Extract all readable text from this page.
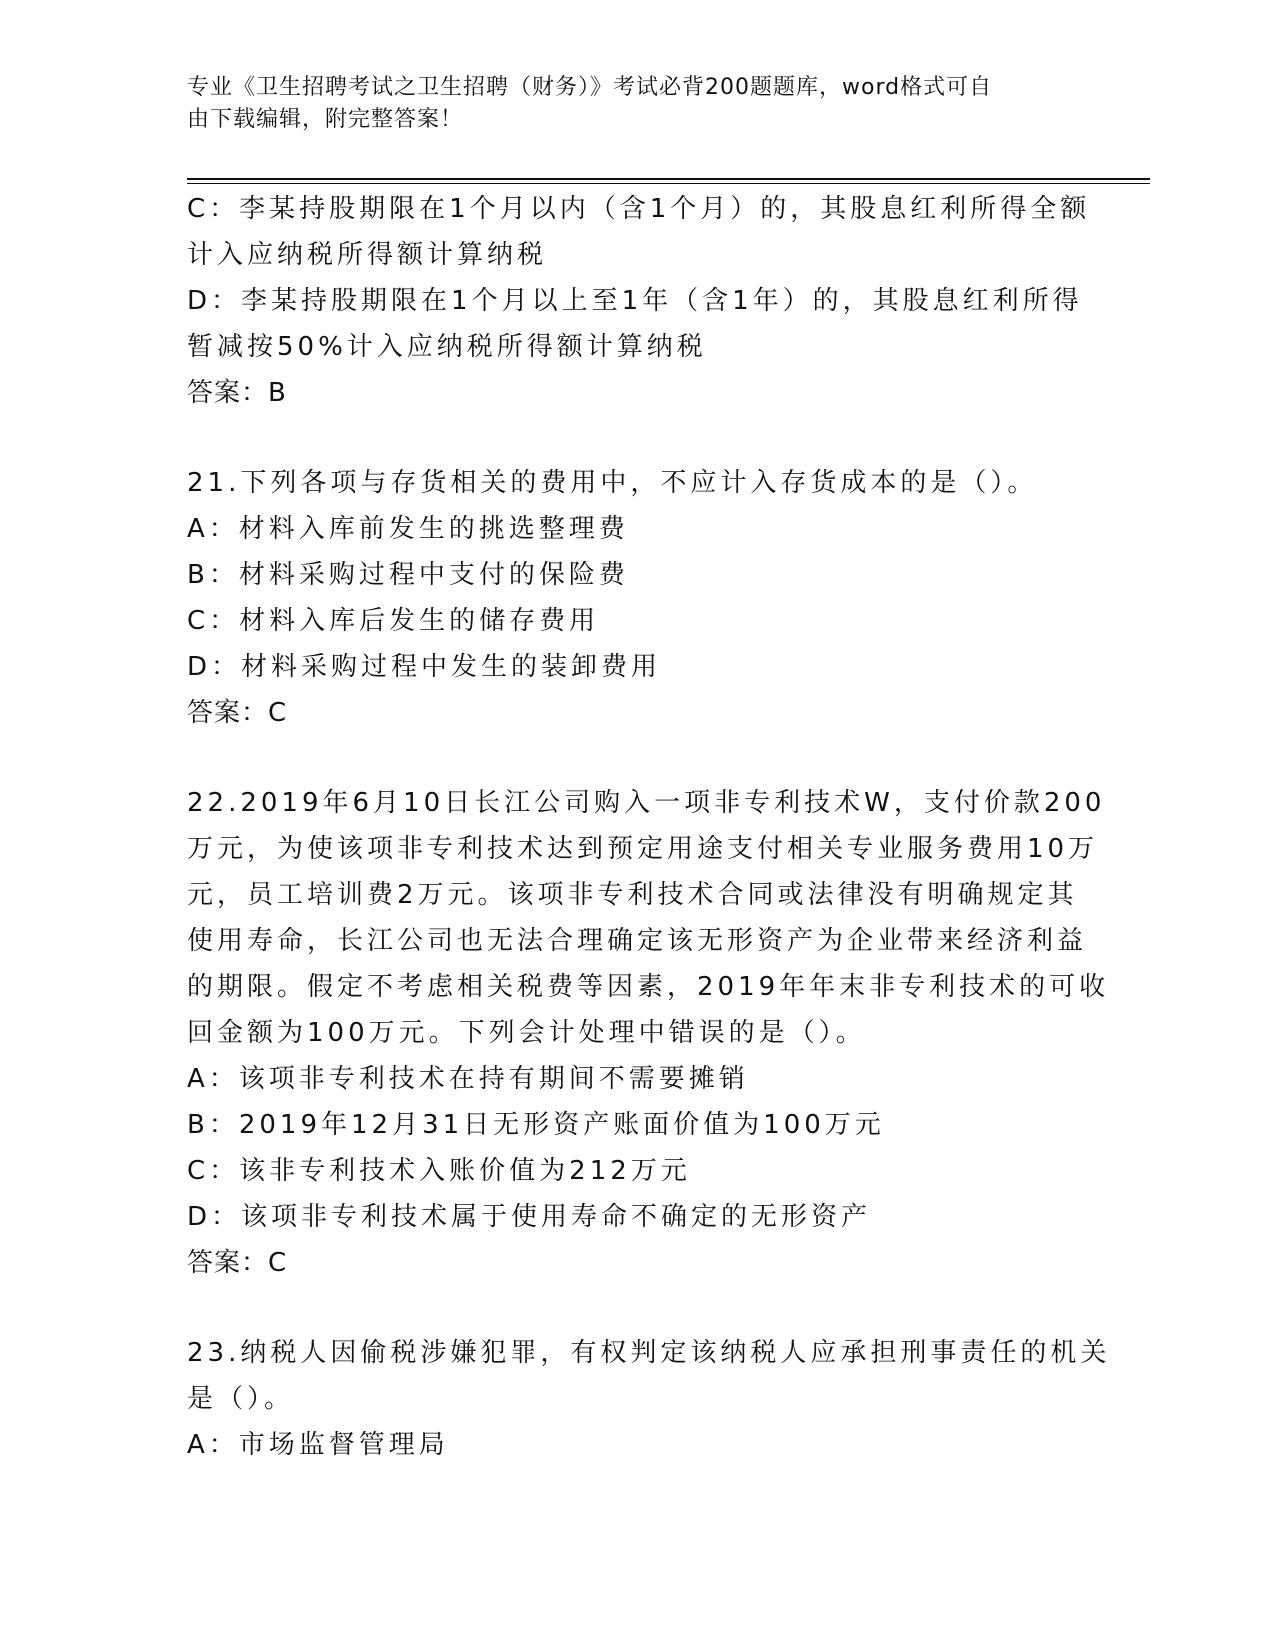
专业《卫生招聘考试之卫生招聘（财务）》考试必背200题题库，word格式可自
由下载编辑，附完整答案！

C：李某持股期限在1个月以内（含1个月）的，其股息红利所得全额

计入应纳税所得额计算纳税

D：李某持股期限在1个月以上至1年（含1年）的，其股息红利所得

暂减按50%计入应纳税所得额计算纳税

答案：B

21.下列各项与存货相关的费用中，不应计入存货成本的是（）。

A：材料入库前发生的挑选整理费

B：材料采购过程中支付的保险费

C：材料入库后发生的储存费用

D：材料采购过程中发生的装卸费用

答案：C

22.2019年6月10日长江公司购入一项非专利技术W，支付价款200

万元，为使该项非专利技术达到预定用途支付相关专业服务费用10万

元，员工培训费2万元。该项非专利技术合同或法律没有明确规定其

使用寿命，长江公司也无法合理确定该无形资产为企业带来经济利益

的期限。假定不考虑相关税费等因素，2019年年末非专利技术的可收

回金额为100万元。下列会计处理中错误的是（）。

A：该项非专利技术在持有期间不需要摊销

B：2019年12月31日无形资产账面价值为100万元

C：该非专利技术入账价值为212万元

D：该项非专利技术属于使用寿命不确定的无形资产

答案：C

23.纳税人因偷税涉嫌犯罪，有权判定该纳税人应承担刑事责任的机关

是（）。

A：市场监督管理局
